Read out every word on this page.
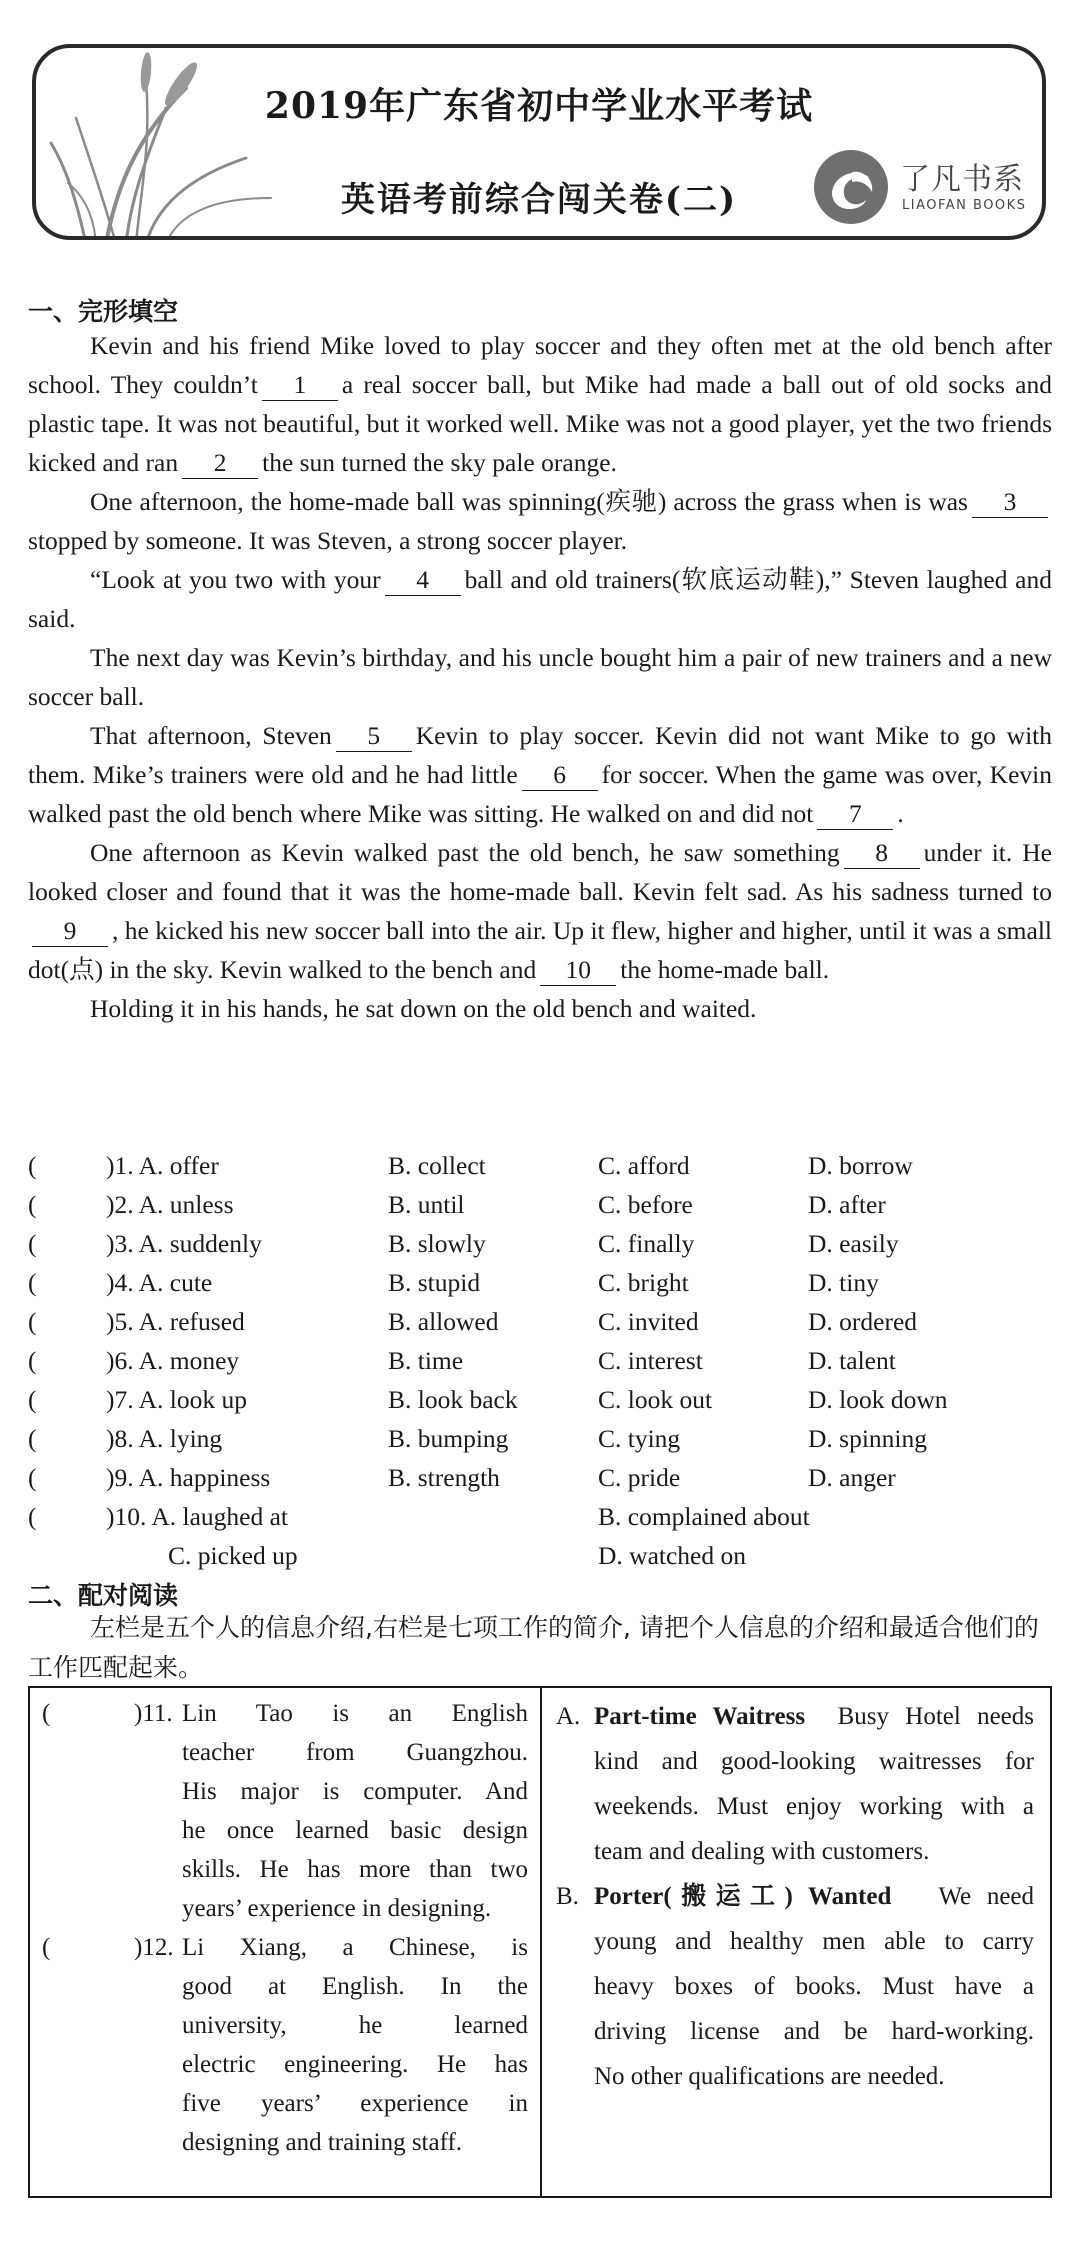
2019年广东省初中学业水平考试
英语考前综合闯关卷(二)
了凡书系
LIAOFAN BOOKS
一、完形填空

Kevin and his friend Mike loved to play soccer and they often met at the old bench after school. They couldn’t 1 a real soccer ball, but Mike had made a ball out of old socks and plastic tape. It was not beautiful, but it worked well. Mike was not a good player, yet the two friends kicked and ran 2 the sun turned the sky pale orange.

One afternoon, the home-made ball was spinning(疾驰) across the grass when is was 3stopped by someone. It was Steven, a strong soccer player.

“Look at you two with your 4 ball and old trainers(软底运动鞋),” Steven laughed and said.

The next day was Kevin’s birthday, and his uncle bought him a pair of new trainers and a new soccer ball.

That afternoon, Steven 5 Kevin to play soccer. Kevin did not want Mike to go with them. Mike’s trainers were old and he had little 6 for soccer. When the game was over, Kevin walked past the old bench where Mike was sitting. He walked on and did not 7 .

One afternoon as Kevin walked past the old bench, he saw something 8 under it. He looked closer and found that it was the home-made ball. Kevin felt sad. As his sadness turned to9 , he kicked his new soccer ball into the air. Up it flew, higher and higher, until it was a small dot(点) in the sky. Kevin walked to the bench and 10 the home-made ball.

Holding it in his hands, he sat down on the old bench and waited.

(	)1. A. offer	B. collect	C. afford	D. borrow
(	)2. A. unless	B. until	C. before	D. after
(	)3. A. suddenly	B. slowly	C. finally	D. easily
(	)4. A. cute	B. stupid	C. bright	D. tiny
(	)5. A. refused	B. allowed	C. invited	D. ordered
(	)6. A. money	B. time	C. interest	D. talent
(	)7. A. look up	B. look back	C. look out	D. look down
(	)8. A. lying	B. bumping	C. tying	D. spinning
(	)9. A. happiness	B. strength	C. pride	D. anger
(	)10. A. laughed at	B. complained about
C. picked up	D. watched on
二、配对阅读

左栏是五个人的信息介绍,右栏是七项工作的简介, 请把个人信息的介绍和最适合他们的工作匹配起来。

(	)11. Lin Tao is an English
teacher from Guangzhou.
His major is computer. And
he once learned basic design
skills. He has more than two
years’ experience in designing.
(	)12. Li Xiang, a Chinese, is
good at English. In the
university, he learned
electric engineering. He has
five years’ experience in
designing and training staff.
A. Part-time Waitress Busy Hotel needs
kind and good-looking waitresses for
weekends. Must enjoy working with a
team and dealing with customers.
B. Porter(搬运工) Wanted We need
young and healthy men able to carry
heavy boxes of books. Must have a
driving license and be hard-working.
No other qualifications are needed.
